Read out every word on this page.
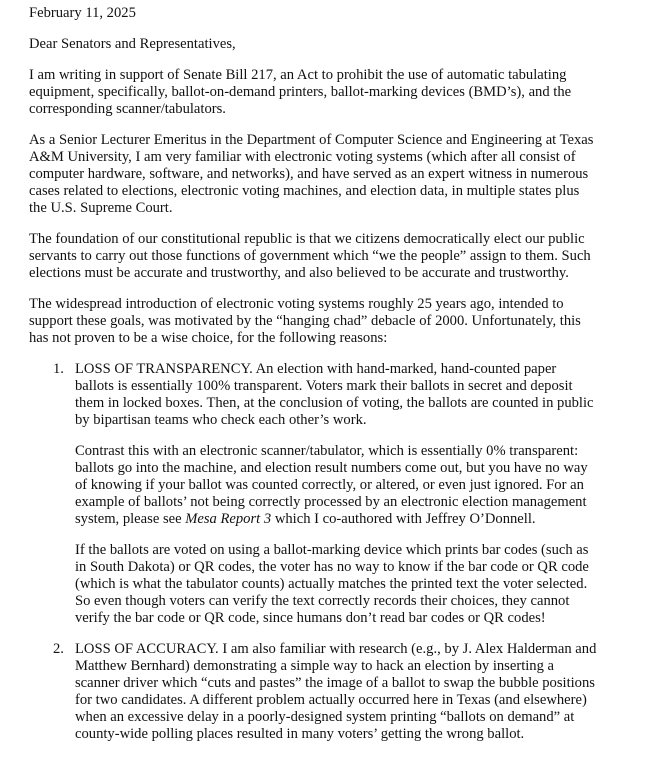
February 11, 2025
Dear Senators and Representatives,
I am writing in support of Senate Bill 217, an Act to prohibit the use of automatic tabulating
equipment, specifically, ballot-on-demand printers, ballot-marking devices (BMD’s), and the
corresponding scanner/tabulators.
As a Senior Lecturer Emeritus in the Department of Computer Science and Engineering at Texas
A&M University, I am very familiar with electronic voting systems (which after all consist of
computer hardware, software, and networks), and have served as an expert witness in numerous
cases related to elections, electronic voting machines, and election data, in multiple states plus
the U.S. Supreme Court.
The foundation of our constitutional republic is that we citizens democratically elect our public
servants to carry out those functions of government which “we the people” assign to them. Such
elections must be accurate and trustworthy, and also believed to be accurate and trustworthy.
The widespread introduction of electronic voting systems roughly 25 years ago, intended to
support these goals, was motivated by the “hanging chad” debacle of 2000. Unfortunately, this
has not proven to be a wise choice, for the following reasons:
1. LOSS OF TRANSPARENCY. An election with hand-marked, hand-counted paper
ballots is essentially 100% transparent. Voters mark their ballots in secret and deposit
them in locked boxes. Then, at the conclusion of voting, the ballots are counted in public
by bipartisan teams who check each other’s work.
Contrast this with an electronic scanner/tabulator, which is essentially 0% transparent:
ballots go into the machine, and election result numbers come out, but you have no way
of knowing if your ballot was counted correctly, or altered, or even just ignored. For an
example of ballots’ not being correctly processed by an electronic election management
system, please see Mesa Report 3 which I co-authored with Jeffrey O’Donnell.
If the ballots are voted on using a ballot-marking device which prints bar codes (such as
in South Dakota) or QR codes, the voter has no way to know if the bar code or QR code
(which is what the tabulator counts) actually matches the printed text the voter selected.
So even though voters can verify the text correctly records their choices, they cannot
verify the bar code or QR code, since humans don’t read bar codes or QR codes!
2. LOSS OF ACCURACY. I am also familiar with research (e.g., by J. Alex Halderman and
Matthew Bernhard) demonstrating a simple way to hack an election by inserting a
scanner driver which “cuts and pastes” the image of a ballot to swap the bubble positions
for two candidates. A different problem actually occurred here in Texas (and elsewhere)
when an excessive delay in a poorly-designed system printing “ballots on demand” at
county-wide polling places resulted in many voters’ getting the wrong ballot.
